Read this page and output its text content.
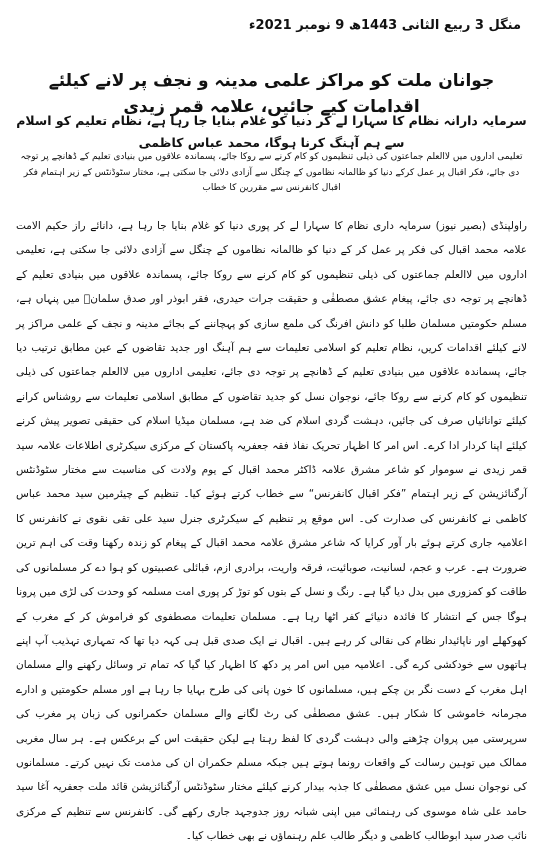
منگل 3 ربیع الثانی 1443ھ 9 نومبر 2021ء
جوانان ملت کو مراکز علمی مدینہ و نجف پر لانے کیلئے اقدامات کیے جائیں، علامہ قمر زیدی
سرمایہ دارانہ نظام کا سہارا لے کر دنیا کو غلام بنایا جا رہا ہے، نظام تعلیم کو اسلام سے ہم آہنگ کرنا ہوگا، محمد عباس کاظمی
تعلیمی اداروں میں لاالعلم جماعتوں کی ذیلی تنظیموں کو کام کرنے سے روکا جائے، پسماندہ علاقوں میں بنیادی تعلیم کے ڈھانچے پر توجہ دی جائے، فکر اقبال پر عمل کرکے دنیا کو ظالمانہ نظاموں کے چنگل سے آزادی دلائی جا سکتی ہے، مختار سٹوڈنٹس کے زیر اہتمام فکر اقبال کانفرنس سے مقررین کا خطاب

راولپنڈی (بصیر نیوز) سرمایہ داری نظام کا سہارا لے کر پوری دنیا کو غلام بنایا جا رہا ہے، دانائے راز حکیم الامت علامہ محمد اقبال کی فکر پر عمل کر کے دنیا کو ظالمانہ نظاموں کے چنگل سے آزادی دلائی جا سکتی ہے، تعلیمی اداروں میں لاالعلم جماعتوں کی ذیلی تنظیموں کو کام کرنے سے روکا جائے، پسماندہ علاقوں میں بنیادی تعلیم کے ڈھانچے پر توجہ دی جائے، پیغام عشق مصطفٰی و حقیقت جرات حیدری، فقر ابوذر اور صدق سلمانؑ میں پنہاں ہے، مسلم حکومتیں مسلمان طلبا کو دانش افرنگ کی ملمع سازی کو پہچاننے کے بجائے مدینہ و نجف کے علمی مراکز پر لانے کیلئے اقدامات کریں، نظام تعلیم کو اسلامی تعلیمات سے ہم آہنگ اور جدید تقاضوں کے عین مطابق ترتیب دیا جائے، پسماندہ علاقوں میں بنیادی تعلیم کے ڈھانچے پر توجہ دی جائے، تعلیمی اداروں میں لاالعلم جماعتوں کی ذیلی تنظیموں کو کام کرنے سے روکا جائے، نوجوان نسل کو جدید تقاضوں کے مطابق اسلامی تعلیمات سے روشناس کرانے کیلئے توانائیاں صرف کی جائیں، دہشت گردی اسلام کی ضد ہے، مسلمان میڈیا اسلام کی حقیقی تصویر پیش کرنے کیلئے اپنا کردار ادا کرے۔ اس امر کا اظہار تحریک نفاذ فقہ جعفریہ پاکستان کے مرکزی سیکرٹری اطلاعات علامہ سید قمر زیدی نے سوموار کو شاعر مشرق علامہ ڈاکٹر محمد اقبال کے یوم ولادت کی مناسبت سے مختار سٹوڈنٹس آرگنائزیشن کے زیر اہتمام ”فکر اقبال کانفرنس“ سے خطاب کرتے ہوئے کیا۔ تنظیم کے چیئرمین سید محمد عباس کاظمی نے کانفرنس کی صدارت کی۔ اس موقع پر تنظیم کے سیکرٹری جنرل سید علی تقی نقوی نے کانفرنس کا اعلامیہ جاری کرتے ہوئے بار آور کرایا کہ شاعر مشرق علامہ محمد اقبال کے پیغام کو زندہ رکھنا وقت کی اہم ترین ضرورت ہے۔ عرب و عجم، لسانیت، صوبائیت، فرقہ واریت، برادری ازم، قبائلی عصبیتوں کو ہوا دے کر مسلمانوں کی طاقت کو کمزوری میں بدل دیا گیا ہے۔ رنگ و نسل کے بتوں کو توڑ کر پوری امت مسلمہ کو وحدت کی لڑی میں پرونا ہوگا جس کے انتشار کا فائدہ دنیائے کفر اٹھا رہا ہے۔ مسلمان تعلیمات مصطفوی کو فراموش کر کے مغرب کے کھوکھلے اور ناپائیدار نظام کی نقالی کر رہے ہیں۔ اقبال نے ایک صدی قبل ہی کہہ دیا تھا کہ تمہاری تہذیب آپ اپنے ہاتھوں سے خودکشی کرے گی۔ اعلامیہ میں اس امر پر دکھ کا اظہار کیا گیا کہ تمام تر وسائل رکھنے والے مسلمان اہل مغرب کے دست نگر بن چکے ہیں، مسلمانوں کا خون پانی کی طرح بہایا جا رہا ہے اور مسلم حکومتیں و ادارے مجرمانہ خاموشی کا شکار ہیں۔ عشق مصطفٰی کی رٹ لگانے والے مسلمان حکمرانوں کی زبان پر مغرب کی سرپرستی میں پروان چڑھنے والی دہشت گردی کا لفظ رہتا ہے لیکن حقیقت اس کے برعکس ہے۔ ہر سال مغربی ممالک میں توہین رسالت کے واقعات رونما ہوتے ہیں جبکہ مسلم حکمران ان کی مذمت تک نہیں کرتے۔ مسلمانوں کی نوجوان نسل میں عشق مصطفٰی کا جذبہ بیدار کرنے کیلئے مختار سٹوڈنٹس آرگنائزیشن قائد ملت جعفریہ آغا سید حامد علی شاہ موسوی کی رہنمائی میں اپنی شبانہ روز جدوجہد جاری رکھے گی۔ کانفرنس سے تنظیم کے مرکزی نائب صدر سید ابوطالب کاظمی و دیگر طالب علم رہنماؤں نے بھی خطاب کیا۔
